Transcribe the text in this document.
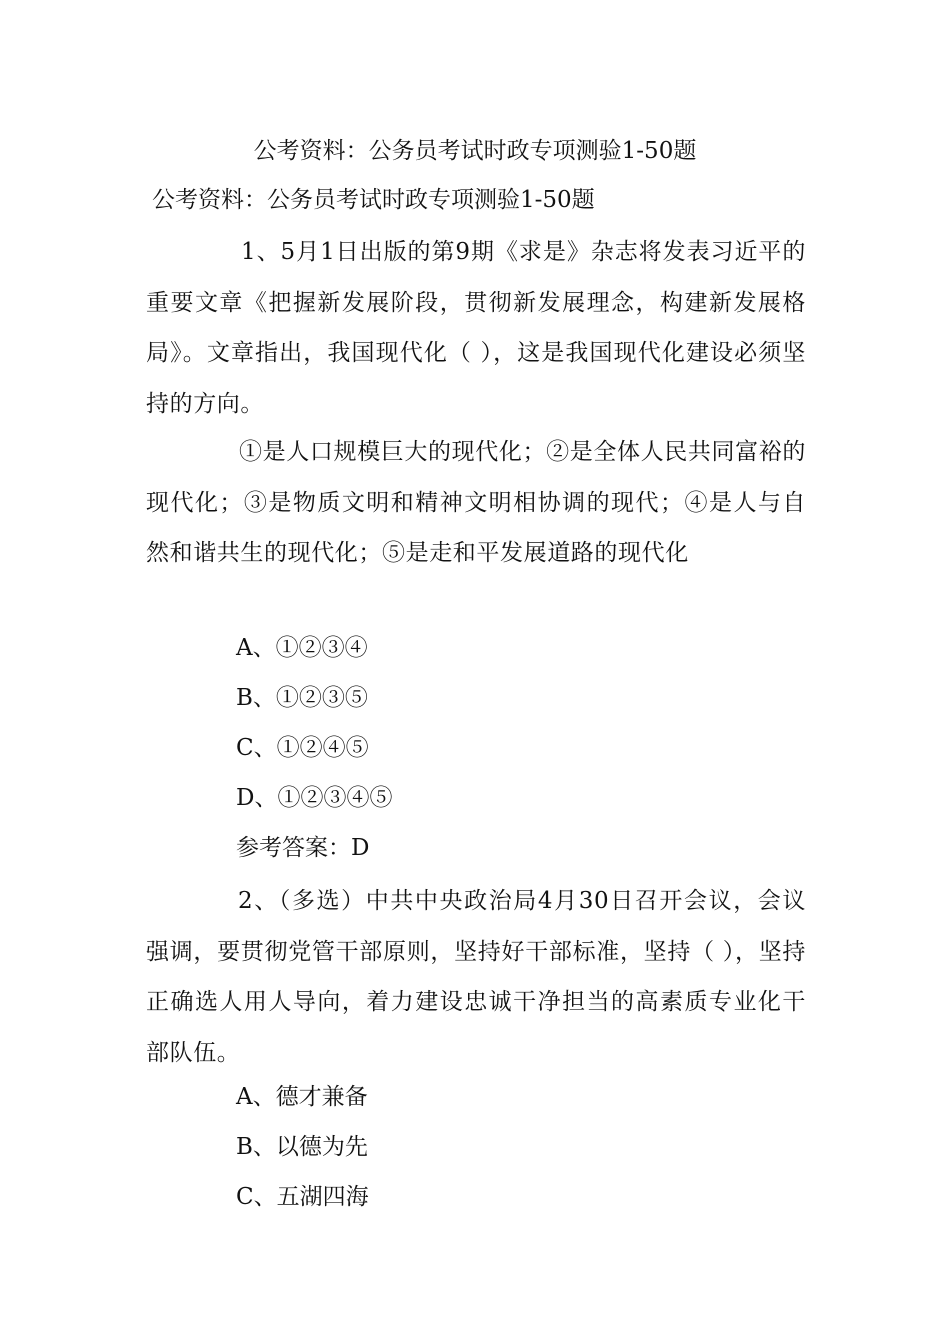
公考资料：公务员考试时政专项测验1-50题
公考资料：公务员考试时政专项测验1-50题
1、5月1日出版的第9期《求是》杂志将发表习近平的重要文章《把握新发展阶段，贯彻新发展理念，构建新发展格局》。文章指出，我国现代化（ ），这是我国现代化建设必须坚持的方向。
①是人口规模巨大的现代化；②是全体人民共同富裕的现代化；③是物质文明和精神文明相协调的现代；④是人与自然和谐共生的现代化；⑤是走和平发展道路的现代化
A、①②③④
B、①②③⑤
C、①②④⑤
D、①②③④⑤
参考答案：D
2、（多选）中共中央政治局4月30日召开会议，会议强调，要贯彻党管干部原则，坚持好干部标准，坚持（ ），坚持正确选人用人导向，着力建设忠诚干净担当的高素质专业化干部队伍。
A、德才兼备
B、以德为先
C、五湖四海
